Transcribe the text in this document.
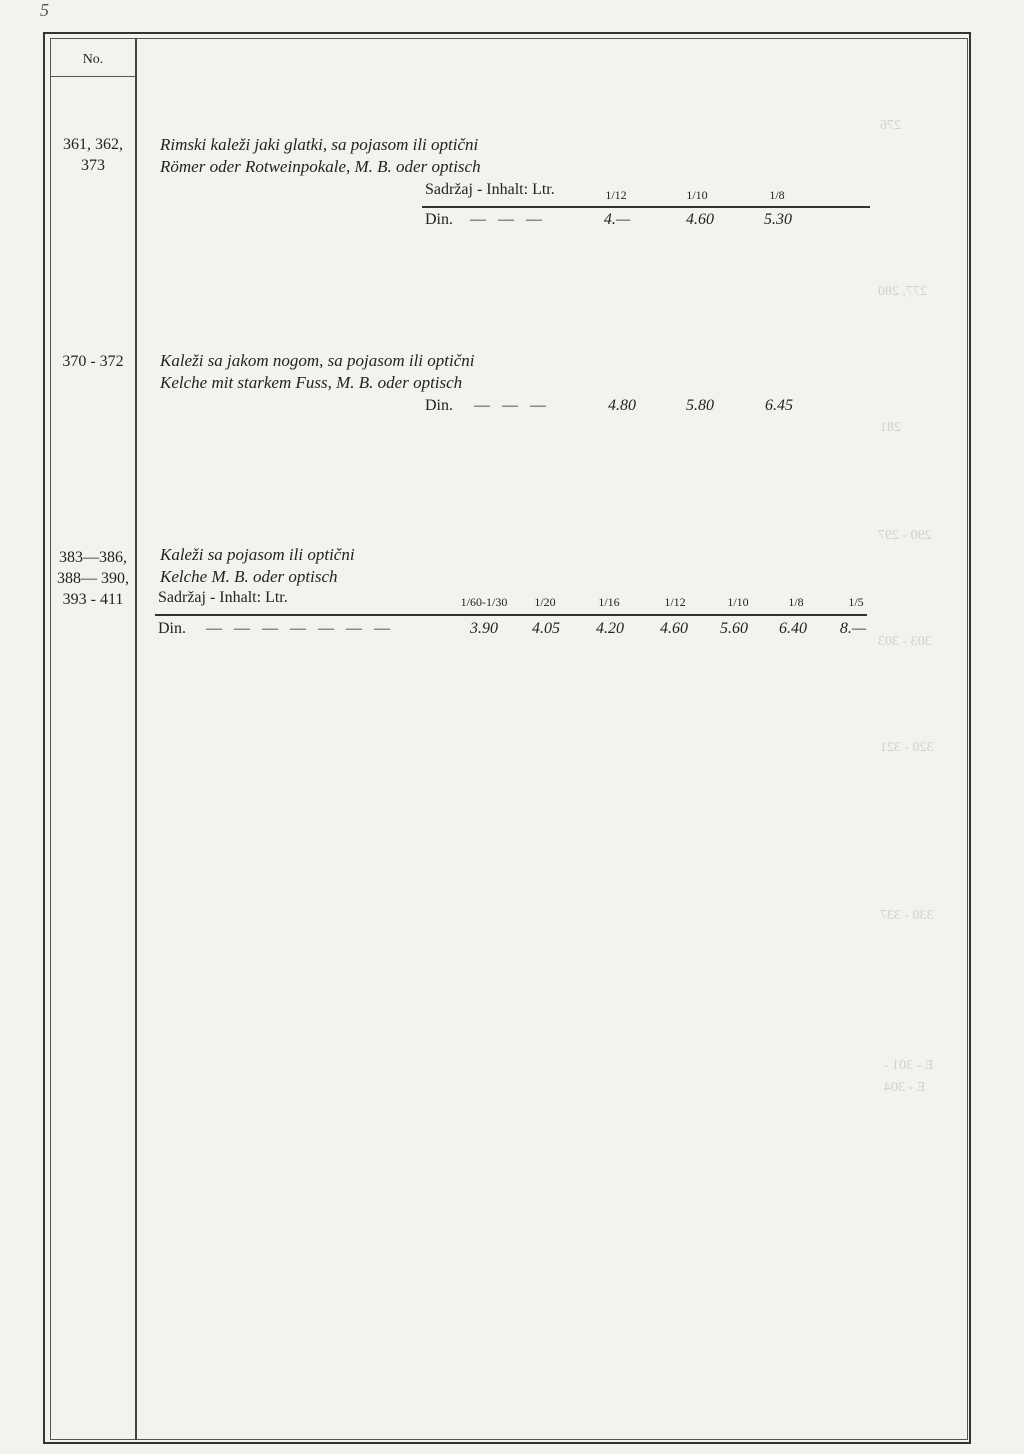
5
No.
276
277, 280
281
290 - 297
303 - 303
320 - 321
330 - 337
E - 301 -
E - 304
361, 362,
373
Rimski kaleži jaki glatki, sa pojasom ili optični
Römer oder Rotweinpokale, M. B. oder optisch
Sadržaj - Inhalt: Ltr.	1/12	1/10	1/8
Din. — — —	4.—	4.60	5.30
370 - 372	Kaleži sa jakom nogom, sa pojasom ili optični
Kelche mit starkem Fuss, M. B. oder optisch
Din. — — —	4.80	5.80	6.45
383—386,
388— 390,
393 - 411
Kaleži sa pojasom ili optični
Kelche M. B. oder optisch
Sadržaj - Inhalt: Ltr.	1/60-1/30	1/20	1/16	1/12	1/10	1/8	1/5
Din. — — — — — — —	3.90	4.05	4.20	4.60	5.60	6.40	8.—
